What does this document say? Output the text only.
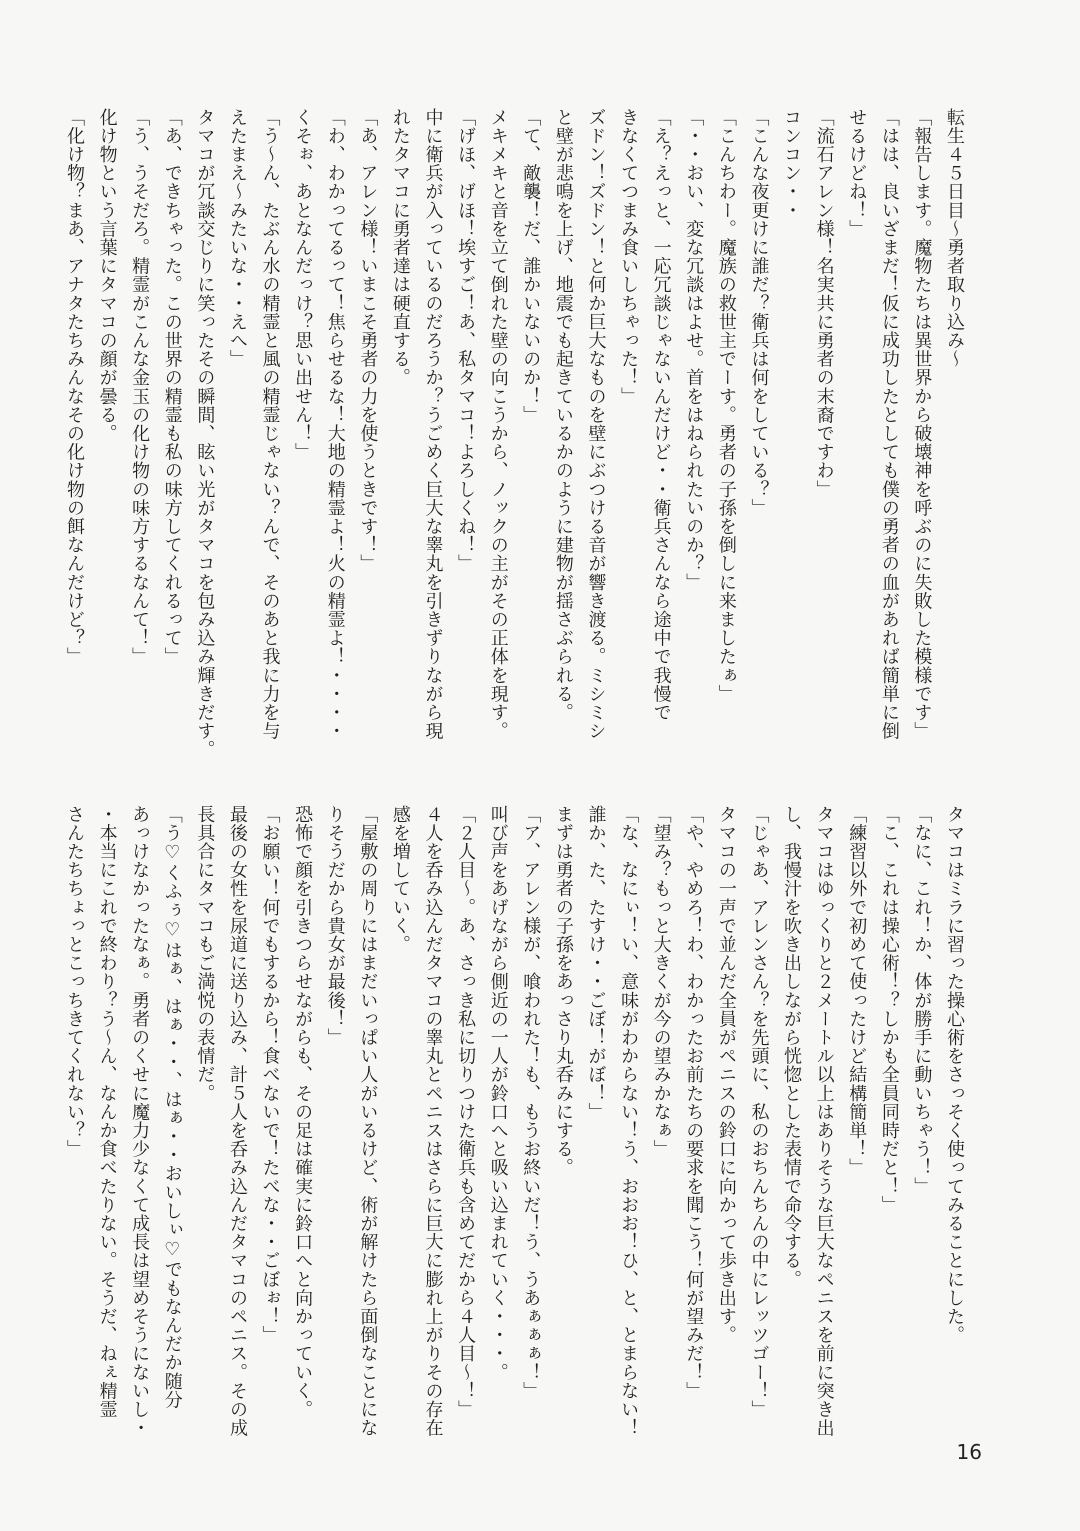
転生４５日目～勇者取り込み～

「報告します。魔物たちは異世界から破壊神を呼ぶのに失敗した模様です」

「はは、良いざまだ！仮に成功したとしても僕の勇者の血があれば簡単に倒

せるけどね！」

「流石アレン様！名実共に勇者の末裔ですわ」

コンコン・・

「こんな夜更けに誰だ？衛兵は何をしている？」

「こんちわー。魔族の救世主でーす。勇者の子孫を倒しに来ましたぁ」

「・・おい、変な冗談はよせ。首をはねられたいのか？」

「え？えっと、一応冗談じゃないんだけど・・衛兵さんなら途中で我慢で

きなくてつまみ食いしちゃった！」

ズドン！ズドン！と何か巨大なものを壁にぶつける音が響き渡る。ミシミシ

と壁が悲鳴を上げ、地震でも起きているかのように建物が揺さぶられる。

「て、敵襲！だ、誰かいないのか！」

メキメキと音を立て倒れた壁の向こうから、ノックの主がその正体を現す。

「げほ、げほ！埃すご！あ、私タマコ！よろしくね！」

中に衛兵が入っているのだろうか？うごめく巨大な睾丸を引きずりながら現

れたタマコに勇者達は硬直する。

「あ、アレン様！いまこそ勇者の力を使うときです！」

「わ、わかってるって！焦らせるな！大地の精霊よ！火の精霊よ！・・・・

くそぉ、あとなんだっけ？思い出せん！」

「う～ん、たぶん水の精霊と風の精霊じゃない？んで、そのあと我に力を与

えたまえ～みたいな・・えへ」

タマコが冗談交じりに笑ったその瞬間、眩い光がタマコを包み込み輝きだす。

「あ、できちゃった。この世界の精霊も私の味方してくれるって」

「う、うそだろ。精霊がこんな金玉の化け物の味方するなんて！」

化け物という言葉にタマコの顔が曇る。

「化け物？まあ、アナタたちみんなその化け物の餌なんだけど？」

タマコはミラに習った操心術をさっそく使ってみることにした。

「なに、これ！か、体が勝手に動いちゃう！」

「こ、これは操心術！？しかも全員同時だと！」

「練習以外で初めて使ったけど結構簡単！」

タマコはゆっくりと２メートル以上はありそうな巨大なペニスを前に突き出

し、我慢汁を吹き出しながら恍惚とした表情で命令する。

「じゃあ、アレンさん？を先頭に、私のおちんちんの中にレッツゴー！」

タマコの一声で並んだ全員がペニスの鈴口に向かって歩き出す。

「や、やめろ！わ、わかったお前たちの要求を聞こう！何が望みだ！」

「望み？もっと大きくが今の望みかなぁ」

「な、なにぃ！い、意味がわからない！う、おおお！ひ、と、とまらない！

誰か、た、たすけ・・ごぼ！がぼ！」

まずは勇者の子孫をあっさり丸呑みにする。

「ア、アレン様が、喰われた！も、もうお終いだ！う、うあぁぁぁ！」

叫び声をあげながら側近の一人が鈴口へと吸い込まれていく・・・。

「２人目～。あ、さっき私に切りつけた衛兵も含めてだから４人目～！」

４人を呑み込んだタマコの睾丸とペニスはさらに巨大に膨れ上がりその存在

感を増していく。

「屋敷の周りにはまだいっぱい人がいるけど、術が解けたら面倒なことにな

りそうだから貴女が最後！」

恐怖で顔を引きつらせながらも、その足は確実に鈴口へと向かっていく。

「お願い！何でもするから！食べないで！たべな・・ごぼぉ！」

最後の女性を尿道に送り込み、計５人を呑み込んだタマコのペニス。その成

長具合にタマコもご満悦の表情だ。

「う♡くふぅ♡はぁ、はぁ・・、はぁ・・おいしぃ♡でもなんだか随分

あっけなかったなぁ。勇者のくせに魔力少なくて成長は望めそうにないし・

・本当にこれで終わり？う～ん、なんか食べたりない。そうだ、ねぇ精霊

さんたちちょっとこっちきてくれない？」

16
